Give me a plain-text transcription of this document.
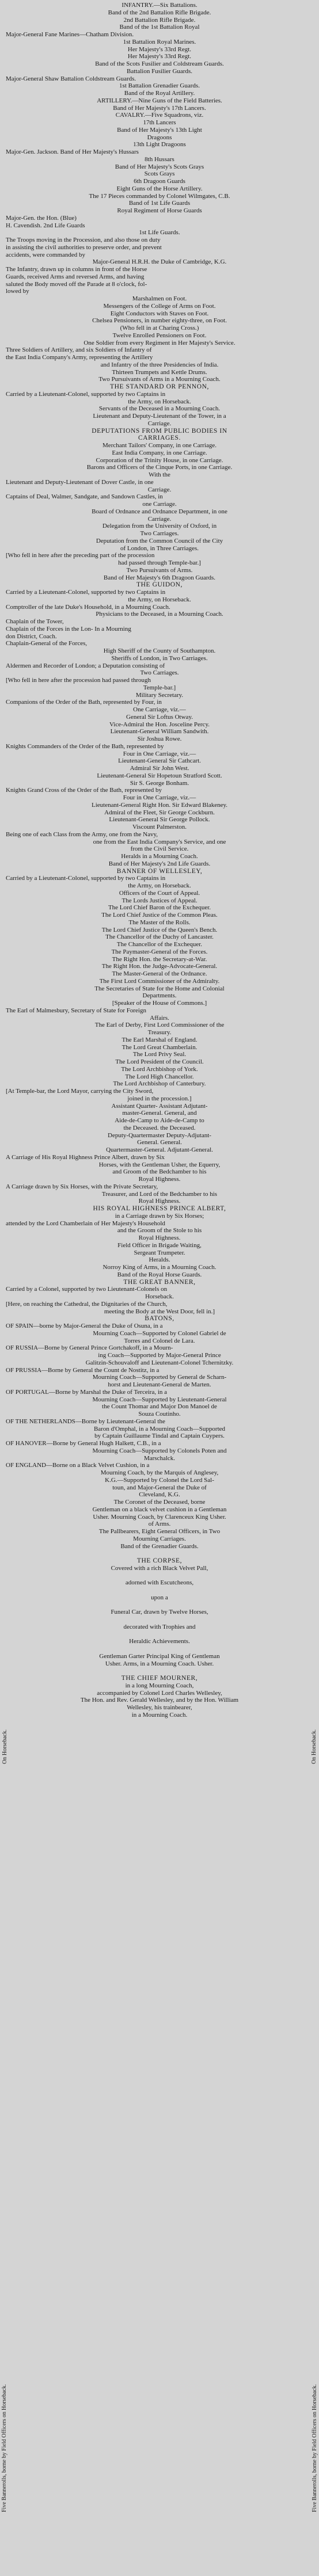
INFANTRY.—Six Battalions.
Band of the 2nd Battalion Rifle Brigade.
2nd Battalion Rifle Brigade.
Band of the 1st Battalion Royal
Major-General Fane Marines—Chatham Division.
1st Battalion Royal Marines.
Her Majesty's 33rd Regt.
Her Majesty's 33rd Regt.
Band of the Scots Fusilier and Coldstream Guards.
Battalion Fusilier Guards.
Major-General Shaw Battalion Coldstream Guards.
1st Battalion Grenadier Guards.
Band of the Royal Artillery.
ARTILLERY.—Nine Guns of the Field Batteries.
Band of Her Majesty's 17th Lancers.
CAVALRY.—Five Squadrons, viz.
17th Lancers
Band of Her Majesty's 13th Light
Dragoons
13th Light Dragoons
Major-Gen. Jackson. Band of Her Majesty's Hussars
8th Hussars
Band of Her Majesty's Scots Grays
Scots Grays
6th Dragoon Guards
Eight Guns of the Horse Artillery.
The 17 Pieces commanded by Colonel Wilmgates, C.B.
Band of 1st Life Guards
Royal Regiment of Horse Guards
Major-Gen. the Hon. (Blue)
H. Cavendish. 2nd Life Guards
1st Life Guards.
The Troops moving in the Procession, and also those on duty
in assisting the civil authorities to preserve order, and prevent
accidents, were commanded by
Major-General H.R.H. the Duke of Cambridge, K.G.
The Infantry, drawn up in columns in front of the Horse
Guards, received Arms and reversed Arms, and having
saluted the Body moved off the Parade at 8 o'clock, fol-
lowed by
Marshalmen on Foot.
Messengers of the College of Arms on Foot.
Eight Conductors with Staves on Foot.
Chelsea Pensioners, in number eighty-three, on Foot.
(Who fell in at Charing Cross.)
Twelve Enrolled Pensioners on Foot.
One Soldier from every Regiment in Her Majesty's Service.
Three Soldiers of Artillery, and six Soldiers of Infantry of
the East India Company's Army, representing the Artillery
and Infantry of the three Presidencies of India.
Thirteen Trumpets and Kettle Drums.
Two Pursuivants of Arms in a Mourning Coach.
THE STANDARD OR PENNON,
Carried by a Lieutenant-Colonel, supported by two Captains in
the Army, on Horseback.
Servants of the Deceased in a Mourning Coach.
Lieutenant and Deputy-Lieutenant of the Tower, in a
Carriage.
DEPUTATIONS FROM PUBLIC BODIES IN
CARRIAGES.
Merchant Tailors' Company, in one Carriage.
East India Company, in one Carriage.
Corporation of the Trinity House, in one Carriage.
Barons and Officers of the Cinque Ports, in one Carriage.
With the
Lieutenant and Deputy-Lieutenant of Dover Castle, in one
Carriage.
Captains of Deal, Walmer, Sandgate, and Sandown Castles, in
one Carriage.
Board of Ordnance and Ordnance Department, in one
Carriage.
Delegation from the University of Oxford, in
Two Carriages.
Deputation from the Common Council of the City
of London, in Three Carriages.
[Who fell in here after the preceding part of the procession
had passed through Temple-bar.]
Two Pursuivants of Arms.
Band of Her Majesty's 6th Dragoon Guards.
THE GUIDON,
Carried by a Lieutenant-Colonel, supported by two Captains in
the Army, on Horseback.
Comptroller of the late Duke's Household, in a Mourning Coach.
Physicians to the Deceased, in a Mourning Coach.
Chaplain of the Tower,
Chaplain of the Forces in the Lon- In a Mourning
don District, Coach.
Chaplain-General of the Forces,
High Sheriff of the County of Southampton.
Sheriffs of London, in Two Carriages.
Aldermen and Recorder of London; a Deputation consisting of
Two Carriages.
[Who fell in here after the procession had passed through
Temple-bar.]
Military Secretary.
Companions of the Order of the Bath, represented by Four, in
One Carriage, viz.—
General Sir Loftus Otway.
Vice-Admiral the Hon. Josceline Percy.
Lieutenant-General William Sandwith.
Sir Joshua Rowe.
Knights Commanders of the Order of the Bath, represented by
Four in One Carriage, viz.—
Lieutenant-General Sir Cathcart.
Admiral Sir John West.
Lieutenant-General Sir Hopetoun Stratford Scott.
Sir S. George Bonham.
Knights Grand Cross of the Order of the Bath, represented by
Four in One Carriage, viz.—
Lieutenant-General Right Hon. Sir Edward Blakeney.
Admiral of the Fleet, Sir George Cockburn.
Lieutenant-General Sir George Pollock.
Viscount Palmerston.
Being one of each Class from the Army, one from the Navy,
one from the East India Company's Service, and one
from the Civil Service.
Heralds in a Mourning Coach.
Band of Her Majesty's 2nd Life Guards.
BANNER OF WELLESLEY,
Carried by a Lieutenant-Colonel, supported by two Captains in
the Army, on Horseback.
Officers of the Court of Appeal.
The Lords Justices of Appeal.
The Lord Chief Baron of the Exchequer.
The Lord Chief Justice of the Common Pleas.
The Master of the Rolls.
The Lord Chief Justice of the Queen's Bench.
The Chancellor of the Duchy of Lancaster.
The Chancellor of the Exchequer.
The Paymaster-General of the Forces.
The Right Hon. the Secretary-at-War.
The Right Hon. the Judge-Advocate-General.
The Master-General of the Ordnance.
The First Lord Commissioner of the Admiralty.
The Secretaries of State for the Home and Colonial
Departments.
[Speaker of the House of Commons.]
The Earl of Malmesbury, Secretary of State for Foreign
Affairs.
The Earl of Derby, First Lord Commissioner of the
Treasury.
The Earl Marshal of England.
The Lord Great Chamberlain.
The Lord Privy Seal.
The Lord President of the Council.
The Lord Archbishop of York.
The Lord High Chancellor.
The Lord Archbishop of Canterbury.
[At Temple-bar, the Lord Mayor, carrying the City Sword,
joined in the procession.]
Assistant Quarter- Assistant Adjutant-
master-General. General, and
Aide-de-Camp to Aide-de-Camp to
the Deceased. the Deceased.
Deputy-Quartermaster Deputy-Adjutant-
General. General.
Quartermaster-General. Adjutant-General.
A Carriage of His Royal Highness Prince Albert, drawn by Six
Horses, with the Gentleman Usher, the Equerry,
and Groom of the Bedchamber to his
Royal Highness.
A Carriage drawn by Six Horses, with the Private Secretary,
Treasurer, and Lord of the Bedchamber to his
Royal Highness.
HIS ROYAL HIGHNESS PRINCE ALBERT,
in a Carriage drawn by Six Horses;
attended by the Lord Chamberlain of Her Majesty's Household
and the Groom of the Stole to his
Royal Highness.
Field Officer in Brigade Waiting,
Sergeant Trumpeter.
Heralds.
Norroy King of Arms, in a Mourning Coach.
Band of the Royal Horse Guards.
THE GREAT BANNER,
Carried by a Colonel, supported by two Lieutenant-Colonels on
Horseback.
[Here, on reaching the Cathedral, the Dignitaries of the Church,
meeting the Body at the West Door, fell in.]
BATONS,
OF SPAIN—borne by Major-General the Duke of Osuna, in a
Mourning Coach—Supported by Colonel Gabriel de
Torres and Colonel de Lara.
OF RUSSIA—Borne by General Prince Gortchakoff, in a Mourn-
ing Coach—Supported by Major-General Prince
Galitzin-Schouvaloff and Lieutenant-Colonel Tchernitzky.
OF PRUSSIA—Borne by General the Count de Nostitz, in a
Mourning Coach—Supported by General de Scharn-
horst and Lieutenant-General de Marten.
OF PORTUGAL—Borne by Marshal the Duke of Terceira, in a
Mourning Coach—Supported by Lieutenant-General
the Count Thomar and Major Don Manoel de
Souza Coutinho.
OF THE NETHERLANDS—Borne by Lieutenant-General the
Baron d'Omphal, in a Mourning Coach—Supported
by Captain Guillaume Tindal and Captain Cuypers.
OF HANOVER—Borne by General Hugh Halkett, C.B., in a
Mourning Coach—Supported by Colonels Poten and
Marschalck.
OF ENGLAND—Borne on a Black Velvet Cushion, in a
Mourning Coach, by the Marquis of Anglesey,
K.G.—Supported by Colonel the Lord Sal-
toun, and Major-General the Duke of
Cleveland, K.G.
The Coronet of the Deceased, borne
Gentleman on a black velvet cushion in a Gentleman
Usher. Mourning Coach, by Clarenceux King Usher.
of Arms.
The Pallbearers, Eight General Officers, in Two
Mourning Carriages.
Band of the Grenadier Guards.
THE CORPSE,
Covered with a rich Black Velvet Pall,
adorned with Escutcheons,
upon a
Funeral Car, drawn by Twelve Horses,
decorated with Trophies and
Heraldic Achievements.
Gentleman Garter Principal King of Gentleman
Usher. Arms, in a Mourning Coach. Usher.
THE CHIEF MOURNER,
in a long Mourning Coach,
accompanied by Colonel Lord Charles Wellesley,
The Hon. and Rev. Gerald Wellesley, and by the Hon. William
Wellesley, his trainbearer,
in a Mourning Coach.
On Horseback.	On Horseback.
Five Bannerolls, borne by Field Officers on Horseback.	Five Bannerolls, borne by Field Officers on Horseback.
